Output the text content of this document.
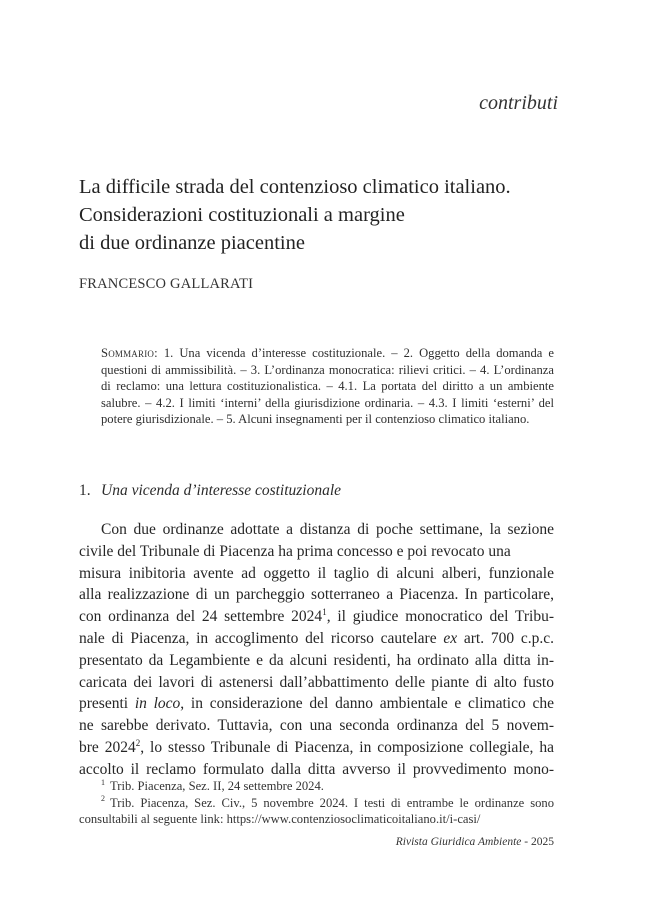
contributi
La difficile strada del contenzioso climatico italiano.
Considerazioni costituzionali a margine
di due ordinanze piacentine
FRANCESCO GALLARATI
Sommario: 1. Una vicenda d’interesse costituzionale. – 2. Oggetto della domanda e questioni di ammissibilità. – 3. L’ordinanza monocratica: rilievi critici. – 4. L’ordinanza di reclamo: una lettura costituzionalistica. – 4.1. La portata del diritto a un ambiente salubre. – 4.2. I limiti ‘interni’ della giurisdizione ordinaria. – 4.3. I limiti ‘esterni’ del potere giurisdizionale. – 5. Alcuni insegnamenti per il contenzioso climatico italiano.
1. Una vicenda d’interesse costituzionale
Con due ordinanze adottate a distanza di poche settimane, la sezione
civile del Tribunale di Piacenza ha prima concesso e poi revocato una
misura inibitoria avente ad oggetto il taglio di alcuni alberi, funzionale
alla realizzazione di un parcheggio sotterraneo a Piacenza. In particolare,
con ordinanza del 24 settembre 2024$^1$, il giudice monocratico del Tribu-
nale di Piacenza, in accoglimento del ricorso cautelare ex art. 700 c.p.c.
presentato da Legambiente e da alcuni residenti, ha ordinato alla ditta in-
caricata dei lavori di astenersi dall’abbattimento delle piante di alto fusto
presenti in loco, in considerazione del danno ambientale e climatico che
ne sarebbe derivato. Tuttavia, con una seconda ordinanza del 5 novem-
bre 2024$^2$, lo stesso Tribunale di Piacenza, in composizione collegiale, ha
accolto il reclamo formulato dalla ditta avverso il provvedimento mono-
$^1$ Trib. Piacenza, Sez. II, 24 settembre 2024.
$^2$ Trib. Piacenza, Sez. Civ., 5 novembre 2024. I testi di entrambe le ordinanze sono consultabili al seguente link: https://www.contenziosoclimaticoitaliano.it/i-casi/
Rivista Giuridica Ambiente - 2025
